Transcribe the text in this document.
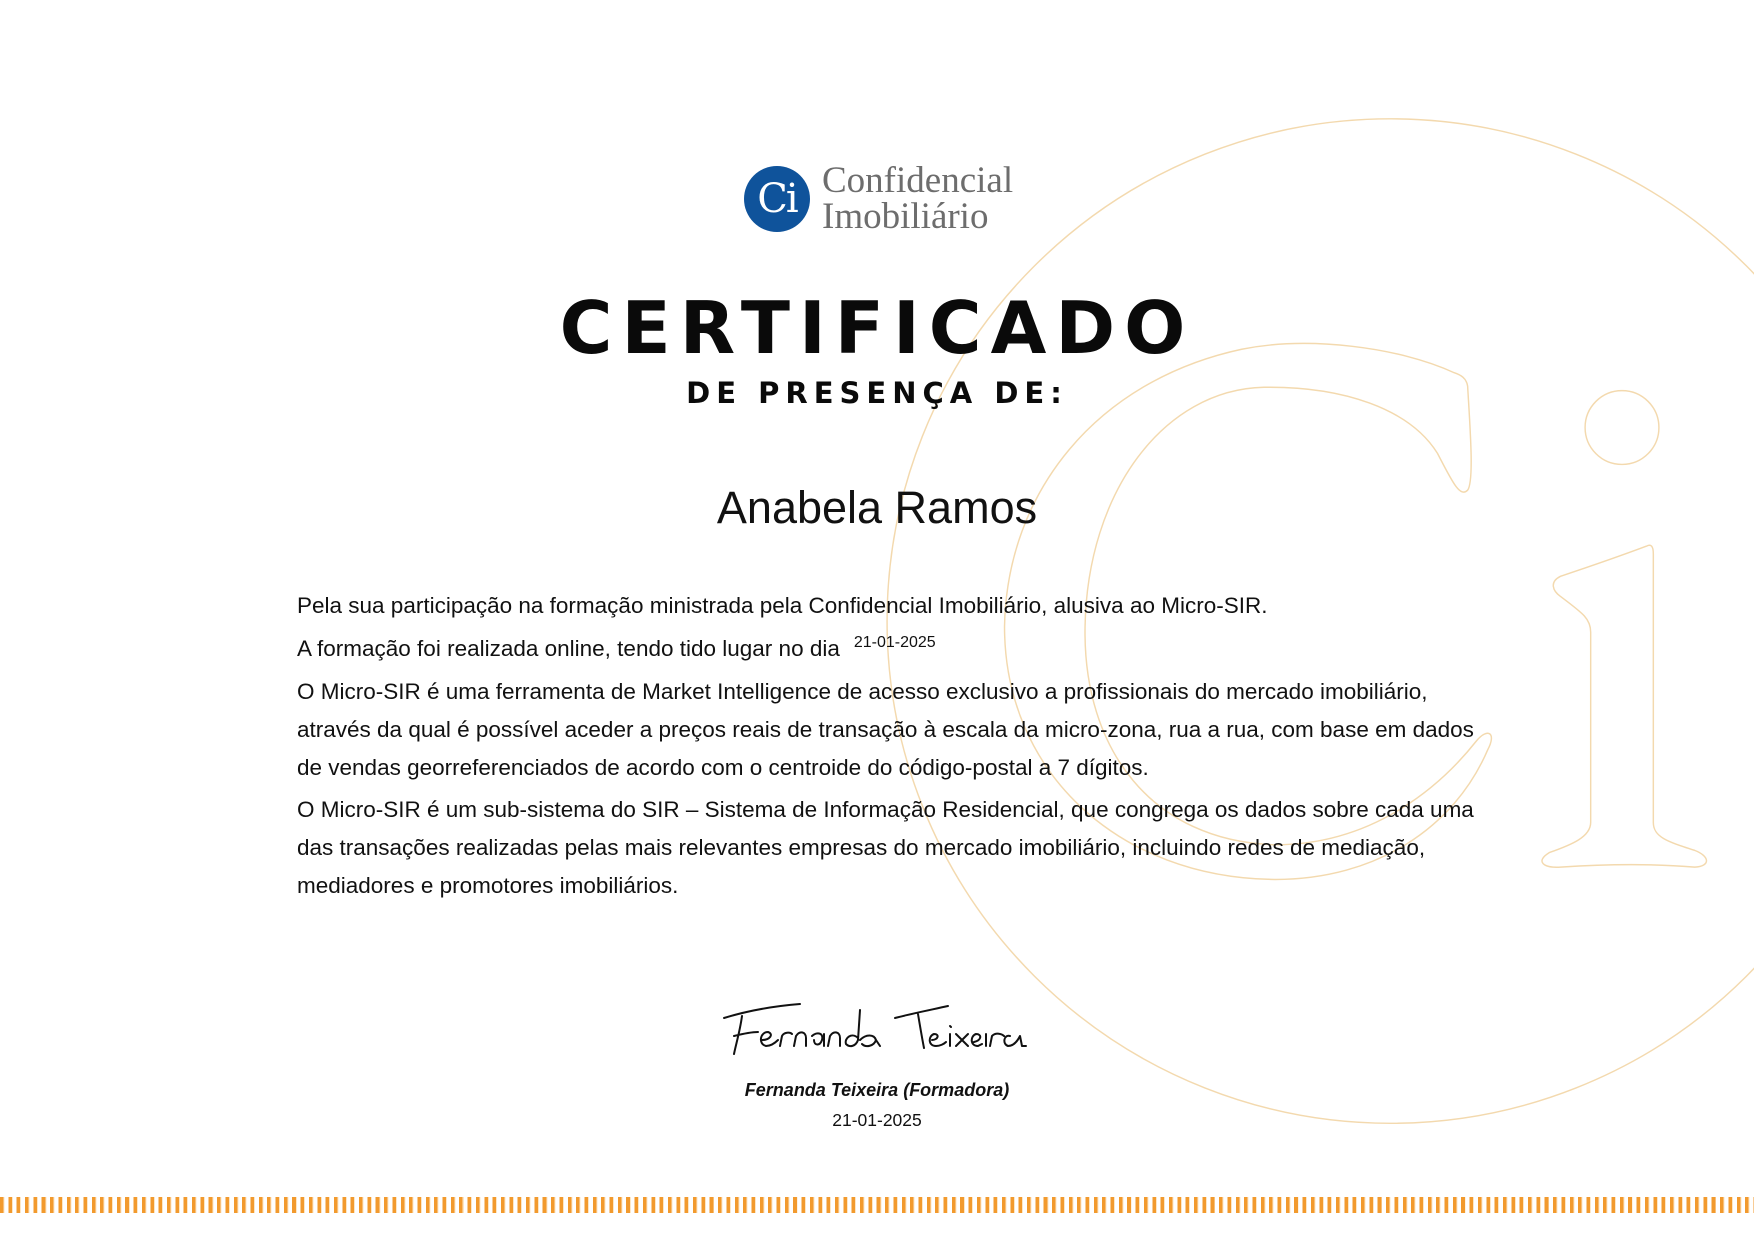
Ci Confidencial
Imobiliário
CERTIFICADO
DE PRESENÇA DE:
Anabela Ramos

Pela sua participação na formação ministrada pela Confidencial Imobiliário, alusiva ao Micro-SIR.

A formação foi realizada online, tendo tido lugar no dia $^{21-01-2025}$

O Micro-SIR é uma ferramenta de Market Intelligence de acesso exclusivo a profissionais do mercado imobiliário, através da qual é possível aceder a preços reais de transação à escala da micro-zona, rua a rua, com base em dados de vendas georreferenciados de acordo com o centroide do código-postal a 7 dígitos.

O Micro-SIR é um sub-sistema do SIR – Sistema de Informação Residencial, que congrega os dados sobre cada uma das transações realizadas pelas mais relevantes empresas do mercado imobiliário, incluindo redes de mediação, mediadores e promotores imobiliários.

Fernanda Teixeira (Formadora)
21-01-2025
